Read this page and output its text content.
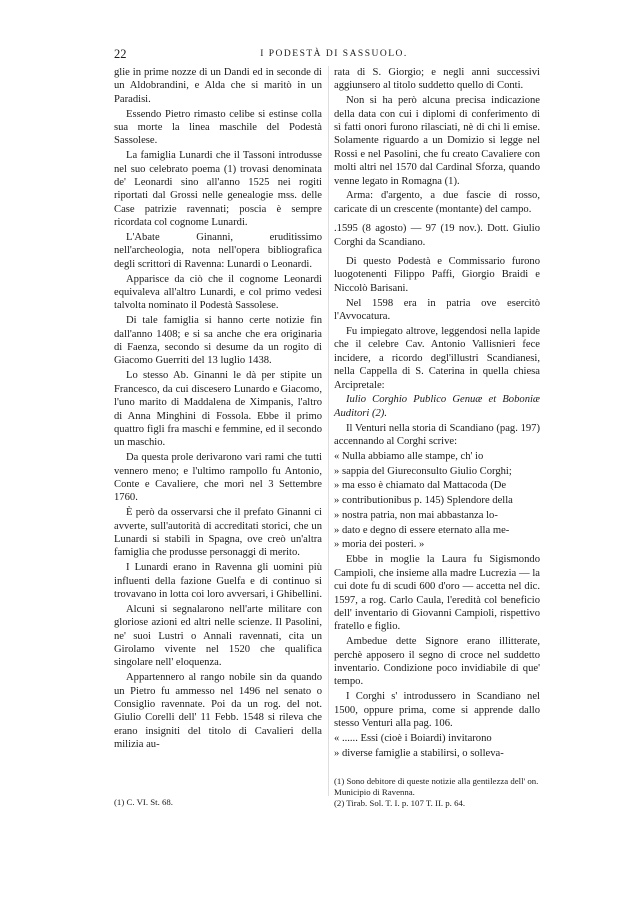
22	I PODESTÀ DI SASSUOLO.

glie in prime nozze di un Dandi ed in seconde di un Aldobrandini, e Alda che si maritò in un Paradisi.

Essendo Pietro rimasto celibe si estinse colla sua morte la linea maschile del Podestà Sassolese.

La famiglia Lunardi che il Tassoni introdusse nel suo celebrato poema (1) trovasi denominata de' Leonardi sino all'anno 1525 nei rogiti riportati dal Grossi nelle genealogie mss. delle Case patrizie ravennati; poscia è sempre ricordata col cognome Lunardi.

L'Abate Ginanni, eruditissimo nell'archeologia, nota nell'opera bibliografica degli scrittori di Ravenna: Lunardi o Leonardi.

Apparisce da ciò che il cognome Leonardi equivaleva all'altro Lunardi, e col primo vedesi talvolta nominato il Podestà Sassolese.

Di tale famiglia si hanno certe notizie fin dall'anno 1408; e si sa anche che era originaria di Faenza, secondo si desume da un rogito di Giacomo Guerriti del 13 luglio 1438.

Lo stesso Ab. Ginanni le dà per stipite un Francesco, da cui discesero Lunardo e Giacomo, l'uno marito di Maddalena de Ximpanis, l'altro di Anna Minghini di Fossola. Ebbe il primo quattro figli fra maschi e femmine, ed il secondo un maschio.

Da questa prole derivarono vari rami che tutti vennero meno; e l'ultimo rampollo fu Antonio, Conte e Cavaliere, che morì nel 3 Settembre 1760.

È però da osservarsi che il prefato Ginanni ci avverte, sull'autorità di accreditati storici, che un Lunardi si stabilì in Spagna, ove creò un'altra famiglia che produsse personaggi di merito.

I Lunardi erano in Ravenna gli uomini più influenti della fazione Guelfa e di continuo si trovavano in lotta coi loro avversari, i Ghibellini.

Alcuni si segnalarono nell'arte militare con gloriose azioni ed altri nelle scienze. Il Pasolini, ne' suoi Lustri o Annali ravennati, cita un Girolamo vivente nel 1520 che qualifica singolare nell' eloquenza.

Appartennero al rango nobile sin da quando un Pietro fu ammesso nel 1496 nel senato o Consiglio ravennate. Poi da un rog. del not. Giulio Corelli dell' 11 Febb. 1548 si rileva che erano insigniti del titolo di Cavalieri della milizia au-

rata di S. Giorgio; e negli anni successivi aggiunsero al titolo suddetto quello di Conti.

Non si ha però alcuna precisa indicazione della data con cui i diplomi di conferimento di sì fatti onori furono rilasciati, nè di chi li emise. Solamente riguardo a un Domizio si legge nel Rossi e nel Pasolini, che fu creato Cavaliere con molti altri nel 1570 dal Cardinal Sforza, quando venne legato in Romagna (1).

Arma: d'argento, a due fascie di rosso, caricate di un crescente (montante) del campo.

.1595 (8 agosto) — 97 (19 nov.). Dott. Giulio Corghi da Scandiano.

Di questo Podestà e Commissario furono luogotenenti Filippo Paffi, Giorgio Braidi e Niccolò Barisani.

Nel 1598 era in patria ove esercitò l'Avvocatura.

Fu impiegato altrove, leggendosi nella lapide che il celebre Cav. Antonio Vallisnieri fece incidere, a ricordo degl'illustri Scandianesi, nella Cappella di S. Caterina in quella chiesa Arcipretale:

Iulio Corghio Publico Genuæ et Boboniæ Auditori (2).

Il Venturi nella storia di Scandiano (pag. 197) accennando al Corghi scrive:

« Nulla abbiamo alle stampe, ch' io

» sappia del Giureconsulto Giulio Corghi;

» ma esso è chiamato dal Mattacoda (De

» contributionibus p. 145) Splendore della

» nostra patria, non mai abbastanza lo-

» dato e degno di essere eternato alla me-

» moria dei posteri. »

Ebbe in moglie la Laura fu Sigismondo Campioli, che insieme alla madre Lucrezia — la cui dote fu di scudi 600 d'oro — accetta nel dic. 1597, a rog. Carlo Caula, l'eredità col beneficio dell' inventario di Giovanni Campioli, rispettivo fratello e figlio.

Ambedue dette Signore erano illitterate, perchè apposero il segno di croce nel suddetto inventario. Condizione poco invidiabile di que' tempo.

I Corghi s' introdussero in Scandiano nel 1500, oppure prima, come si apprende dallo stesso Venturi alla pag. 106.

« ...... Essi (cioè i Boiardi) invitarono

» diverse famiglie a stabilirsi, o solleva-

(1) C. VI. St. 68.

(1) Sono debitore di queste notizie alla gentilezza dell' on. Municipio di Ravenna.

(2) Tirab. Sol. T. I. p. 107 T. II. p. 64.
